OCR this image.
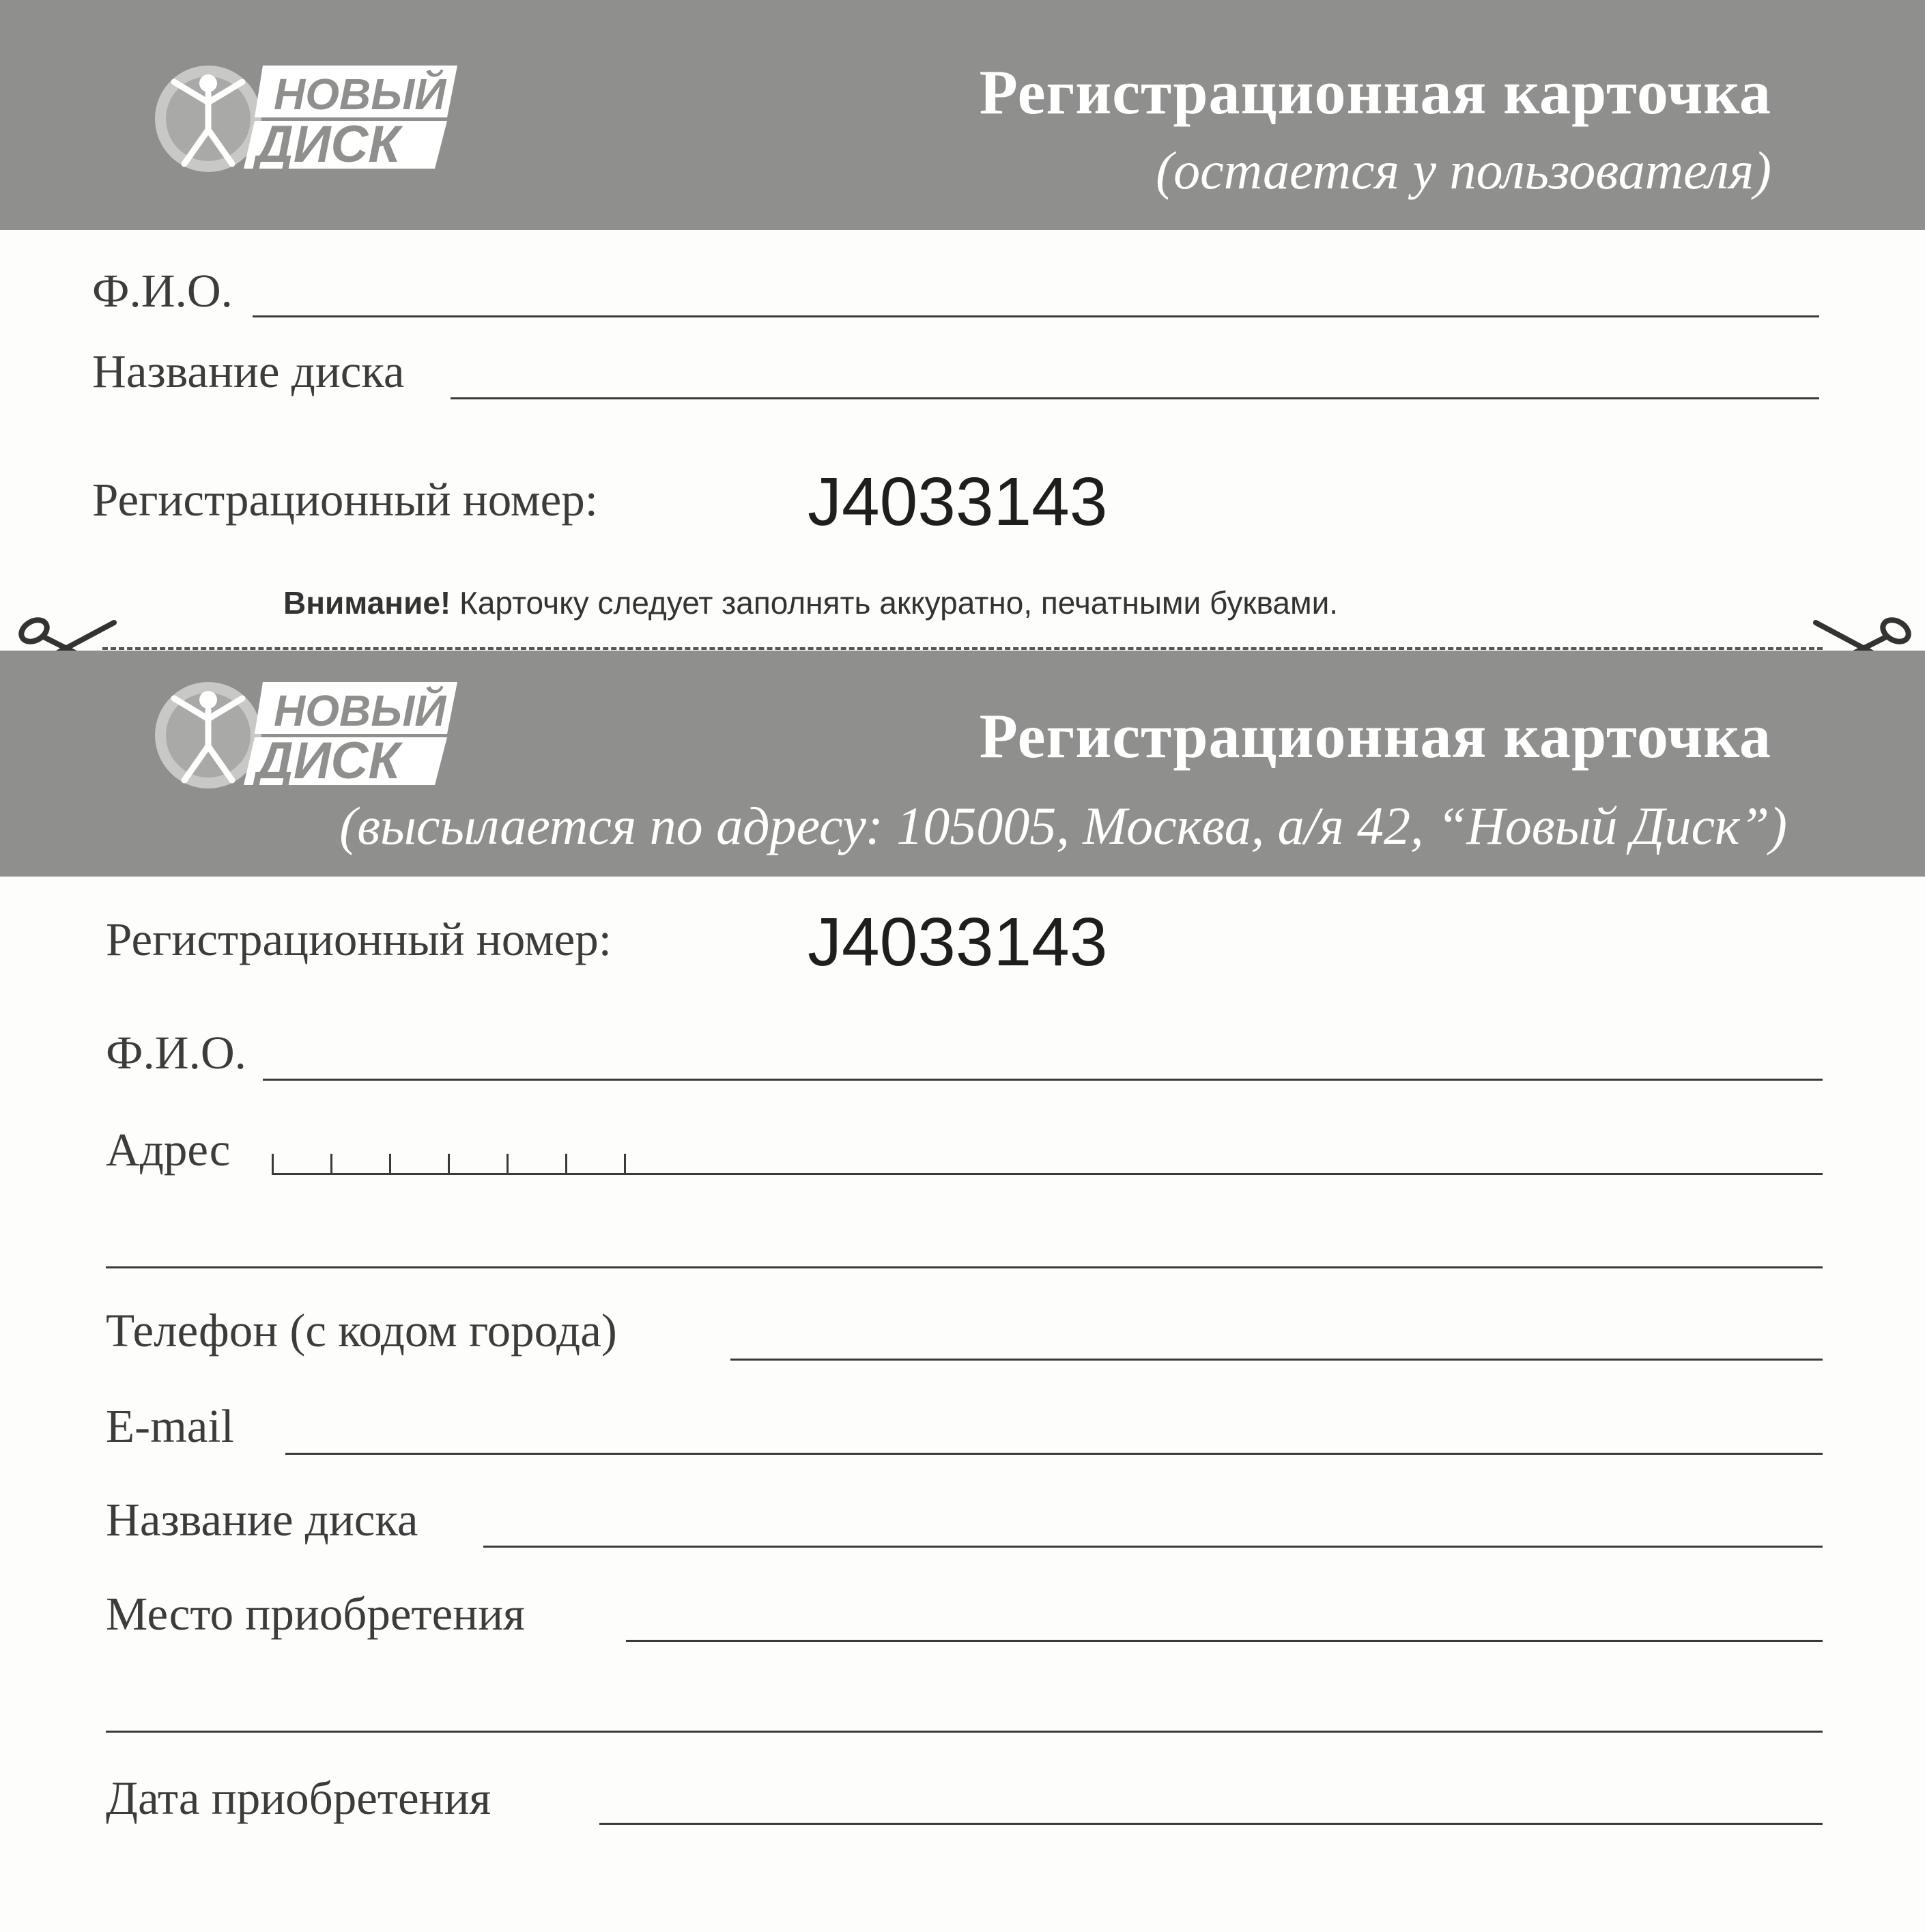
НОВЫЙ
ДИСК
Регистрационная карточка
(остается у пользователя)
Ф.И.О.
Название диска
Регистрационный номер:	J4033143
Внимание! Карточку следует заполнять аккуратно, печатными буквами.
НОВЫЙ
ДИСК	Регистрационная карточка
(высылается по адресу: 105005, Москва, а/я 42, “Новый Диск”)
Регистрационный номер:	J4033143
Ф.И.О.
Адрес
Телефон (с кодом города)
E-mail
Название диска
Место приобретения
Дата приобретения
